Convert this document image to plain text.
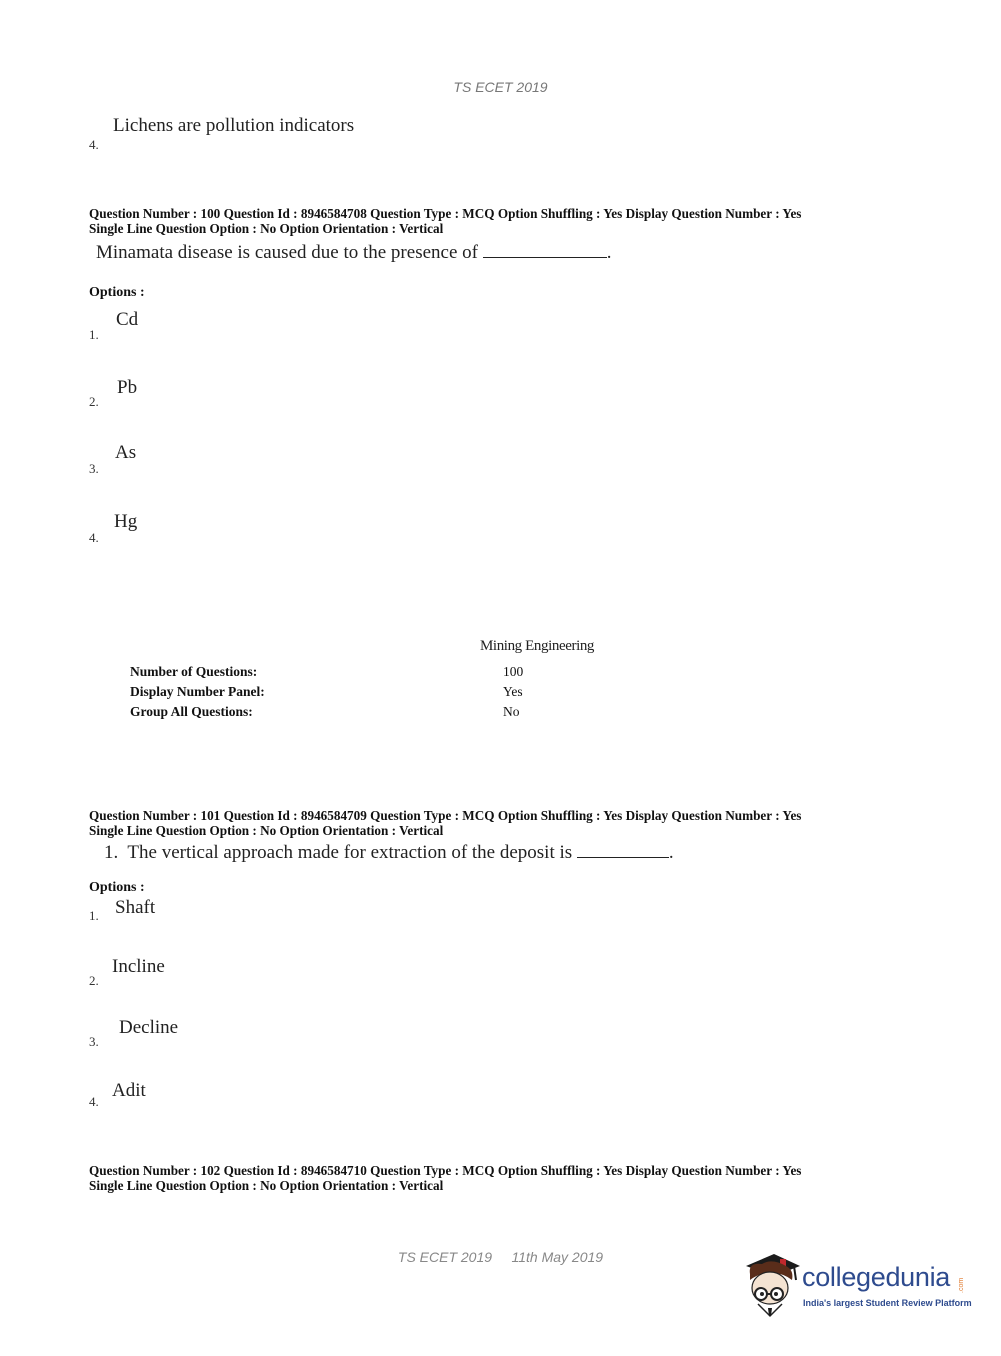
TS ECET 2019
Lichens are pollution indicators
4.
Question Number : 100 Question Id : 8946584708 Question Type : MCQ Option Shuffling : Yes Display Question Number : Yes
Single Line Question Option : No Option Orientation : Vertical
Minamata disease is caused due to the presence of	.
Options :
Cd
1.
Pb
2.
As
3.
Hg
4.
Mining Engineering
Number of Questions:	100
Display Number Panel:	Yes
Group All Questions:	No
Question Number : 101 Question Id : 8946584709 Question Type : MCQ Option Shuffling : Yes Display Question Number : Yes
Single Line Question Option : No Option Orientation : Vertical
1. The vertical approach made for extraction of the deposit is	.
Options :
Shaft
1.
Incline
2.
Decline
3.
Adit
4.
Question Number : 102 Question Id : 8946584710 Question Type : MCQ Option Shuffling : Yes Display Question Number : Yes
Single Line Question Option : No Option Orientation : Vertical
TS ECET 2019 11th May 2019
collegedunia .com
India's largest Student Review Platform
